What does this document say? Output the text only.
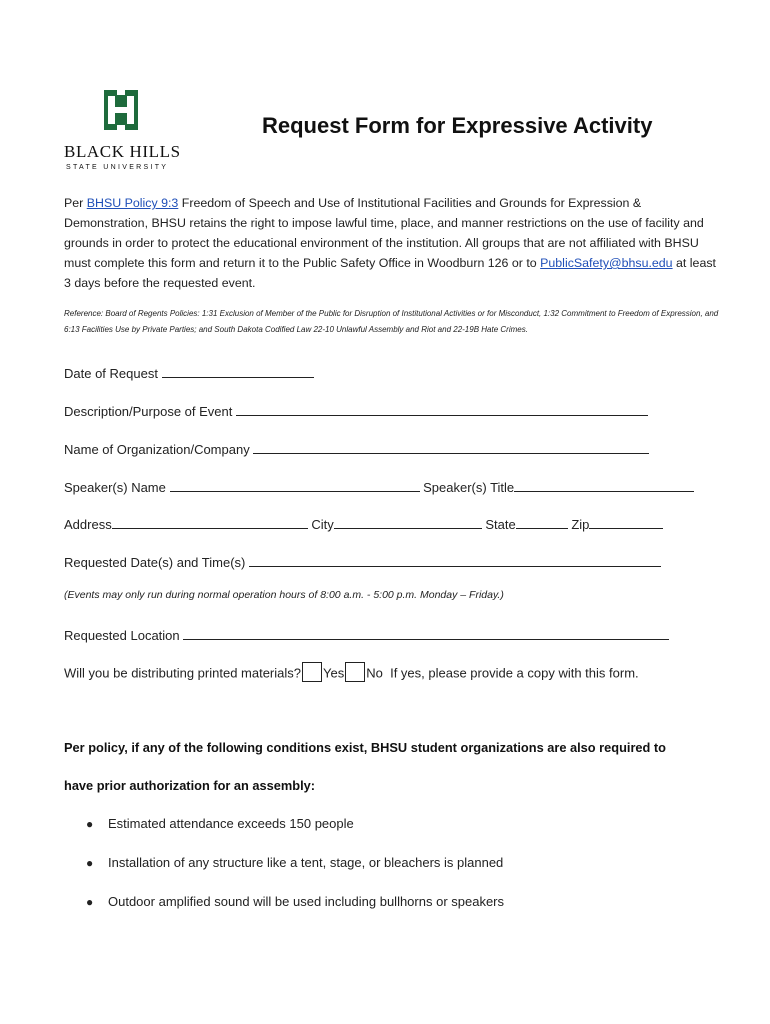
BLACK HILLS
STATE UNIVERSITY
Request Form for Expressive Activity
Per BHSU Policy 9:3 Freedom of Speech and Use of Institutional Facilities and Grounds for Expression & Demonstration, BHSU retains the right to impose lawful time, place, and manner restrictions on the use of facility and grounds in order to protect the educational environment of the institution. All groups that are not affiliated with BHSU must complete this form and return it to the Public Safety Office in Woodburn 126 or to PublicSafety@bhsu.edu at least 3 days before the requested event.
Reference: Board of Regents Policies: 1:31 Exclusion of Member of the Public for Disruption of Institutional Activities or for Misconduct, 1:32 Commitment to Freedom of Expression, and 6:13 Facilities Use by Private Parties; and South Dakota Codified Law 22-10 Unlawful Assembly and Riot and 22-19B Hate Crimes.
Date of Request
Description/Purpose of Event
Name of Organization/Company
Speaker(s) Name	Speaker(s) Title
Address	City	State	Zip
Requested Date(s) and Time(s)
(Events may only run during normal operation hours of 8:00 a.m. - 5:00 p.m. Monday – Friday.)
Requested Location
Will you be distributing printed materials? Yes No If yes, please provide a copy with this form.
Per policy, if any of the following conditions exist, BHSU student organizations are also required to
have prior authorization for an assembly:
● Estimated attendance exceeds 150 people
● Installation of any structure like a tent, stage, or bleachers is planned
● Outdoor amplified sound will be used including bullhorns or speakers
